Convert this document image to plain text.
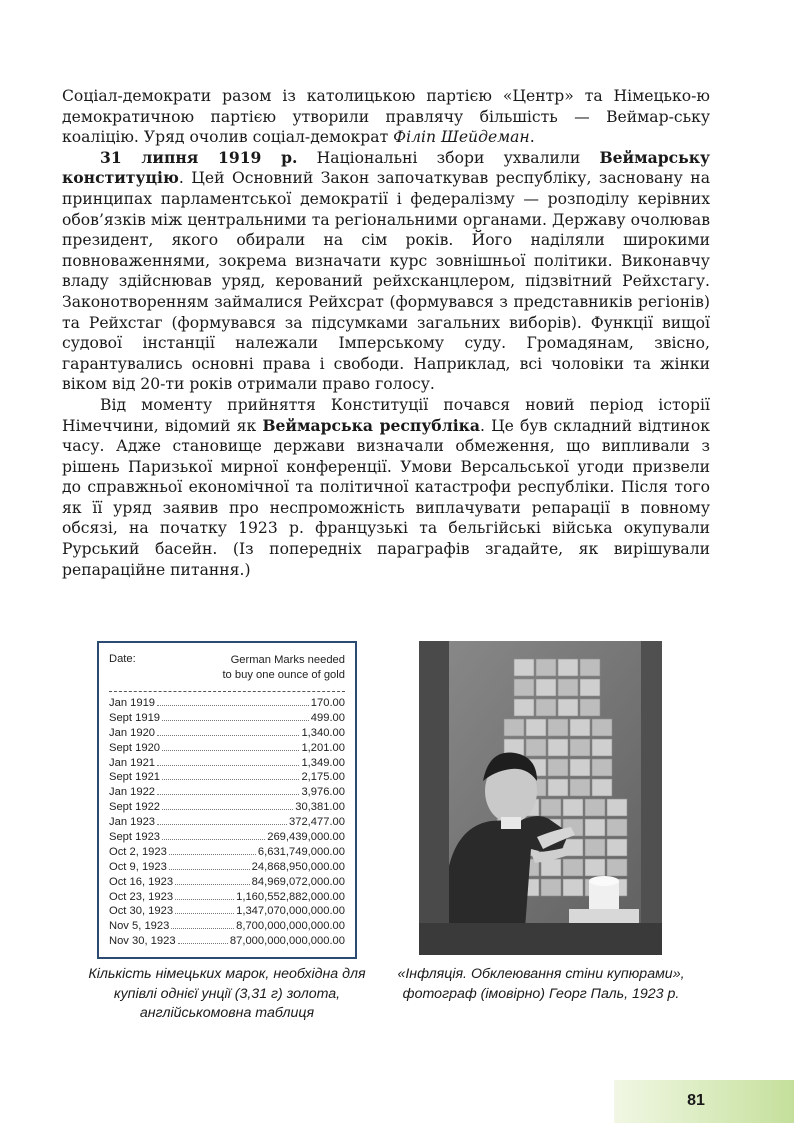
Соціал-демократи разом із католицькою партією «Центр» та Німецько-ю демократичною партією утворили правлячу більшість — Веймар-ську коаліцію. Уряд очолив соціал-демократ Філіп Шейдеман.

31 липня 1919 р. Національні збори ухвалили Веймарську конституцію. Цей Основний Закон започаткував республіку, засновану на принципах парламентської демократії і федералізму — розподілу керівних обов’язків між центральними та регіональними органами. Державу очолював президент, якого обирали на сім років. Його наділяли широкими повноваженнями, зокрема визначати курс зовнішньої політики. Виконавчу владу здійснював уряд, керований рейхсканцлером, підзвітний Рейхстагу. Законотворенням займалися Рейхсрат (формувався з представників регіонів) та Рейхстаг (формувався за підсумками загальних виборів). Функції вищої судової інстанції належали Імперському суду. Громадянам, звісно, гарантувались основні права і свободи. Наприклад, всі чоловіки та жінки віком від 20-ти років отримали право голосу.

Від моменту прийняття Конституції почався новий період історії Німеччини, відомий як Веймарська республіка. Це був складний відтинок часу. Адже становище держави визначали обмеження, що випливали з рішень Паризької мирної конференції. Умови Версальської угоди призвели до справжньої економічної та політичної катастрофи республіки. Після того як її уряд заявив про неспроможність виплачувати репарації в повному обсязі, на початку 1923 р. французькі та бельгійські війська окупували Рурський басейн. (Із попередніх параграфів згадайте, як вирішували репараційне питання.)

Date:	German Marks needed
to buy one ounce of gold
Jan 1919	170.00
Sept 1919	499.00
Jan 1920	1,340.00
Sept 1920	1,201.00
Jan 1921	1,349.00
Sept 1921	2,175.00
Jan 1922	3,976.00
Sept 1922	30,381.00
Jan 1923	372,477.00
Sept 1923	269,439,000.00
Oct 2, 1923	6,631,749,000.00
Oct 9, 1923	24,868,950,000.00
Oct 16, 1923	84,969,072,000.00
Oct 23, 1923	1,160,552,882,000.00
Oct 30, 1923	1,347,070,000,000.00
Nov 5, 1923	8,700,000,000,000.00
Nov 30, 1923	87,000,000,000,000.00
Кількість німецьких марок, необхідна для купівлі однієї унції (3,31 г) золота, англійськомовна таблиця
«Інфляція. Обклеювання стіни купюрами», фотограф (імовірно) Георг Паль, 1923 р.
81
